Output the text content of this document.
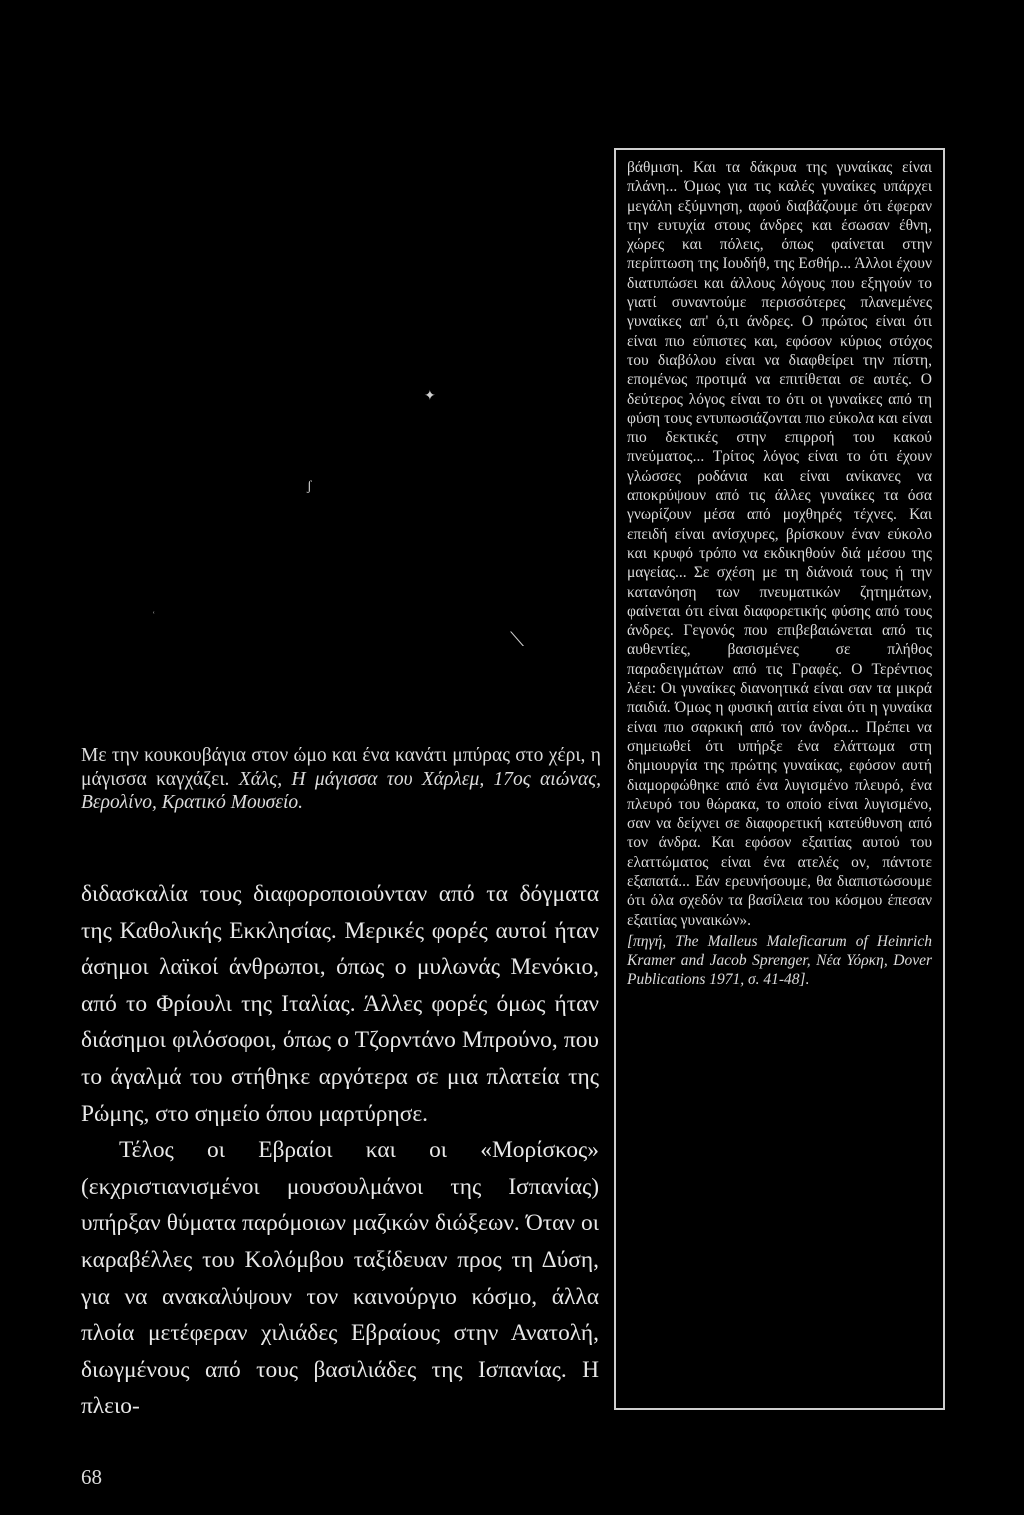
✦
ʃ
ʿ
⟍
Με την κουκουβάγια στον ώμο και ένα κανάτι μπύρας στο χέρι, η μάγισσα καγχάζει. Χάλς, Η μάγισσα του Χάρλεμ, 17ος αιώνας, Βερολίνο, Κρατικό Μουσείο.

διδασκαλία τους διαφοροποιούνταν από τα δόγματα της Καθολικής Εκκλησίας. Μερικές φορές αυτοί ήταν άσημοι λαϊκοί άνθρωποι, όπως ο μυλωνάς Μενόκιο, από το Φρίουλι της Ιταλίας. Άλλες φορές όμως ήταν διάσημοι φιλόσοφοι, όπως ο Τζορντάνο Μπρούνο, που το άγαλμά του στήθηκε αργότερα σε μια πλατεία της Ρώμης, στο σημείο όπου μαρτύρησε.

Τέλος οι Εβραίοι και οι «Μορίσκος» (εκχριστιανισμένοι μουσουλμάνοι της Ισπανίας) υπήρξαν θύματα παρόμοιων μαζικών διώξεων. Όταν οι καραβέλλες του Κολόμβου ταξίδευαν προς τη Δύση, για να ανακαλύψουν τον καινούργιο κόσμο, άλλα πλοία μετέφεραν χιλιάδες Εβραίους στην Ανατολή, διωγμένους από τους βασιλιάδες της Ισπανίας. Η πλειο-

βάθμιση. Και τα δάκρυα της γυναίκας είναι πλάνη... Όμως για τις καλές γυναίκες υπάρχει μεγάλη εξύμνηση, αφού διαβάζουμε ότι έφεραν την ευτυχία στους άνδρες και έσωσαν έθνη, χώρες και πόλεις, όπως φαίνεται στην περίπτωση της Ιουδήθ, της Εσθήρ... Άλλοι έχουν διατυπώσει και άλλους λόγους που εξηγούν το γιατί συναντούμε περισσότερες πλανεμένες γυναίκες απ' ό,τι άνδρες. Ο πρώτος είναι ότι είναι πιο εύπιστες και, εφόσον κύριος στόχος του διαβόλου είναι να διαφθείρει την πίστη, επομένως προτιμά να επιτίθεται σε αυτές. Ο δεύτερος λόγος είναι το ότι οι γυναίκες από τη φύση τους εντυπωσιάζονται πιο εύκολα και είναι πιο δεκτικές στην επιρροή του κακού πνεύματος... Τρίτος λόγος είναι το ότι έχουν γλώσσες ροδάνια και είναι ανίκανες να αποκρύψουν από τις άλλες γυναίκες τα όσα γνωρίζουν μέσα από μοχθηρές τέχνες. Και επειδή είναι ανίσχυρες, βρίσκουν έναν εύκολο και κρυφό τρόπο να εκδικηθούν διά μέσου της μαγείας... Σε σχέση με τη διάνοιά τους ή την κατανόηση των πνευματικών ζητημάτων, φαίνεται ότι είναι διαφορετικής φύσης από τους άνδρες. Γεγονός που επιβεβαιώνεται από τις αυθεντίες, βασισμένες σε πλήθος παραδειγμάτων από τις Γραφές. Ο Τερέντιος λέει: Οι γυναίκες διανοητικά είναι σαν τα μικρά παιδιά. Όμως η φυσική αιτία είναι ότι η γυναίκα είναι πιο σαρκική από τον άνδρα... Πρέπει να σημειωθεί ότι υπήρξε ένα ελάττωμα στη δημιουργία της πρώτης γυναίκας, εφόσον αυτή διαμορφώθηκε από ένα λυγισμένο πλευρό, ένα πλευρό του θώρακα, το οποίο είναι λυγισμένο, σαν να δείχνει σε διαφορετική κατεύθυνση από τον άνδρα. Και εφόσον εξαιτίας αυτού του ελαττώματος είναι ένα ατελές ον, πάντοτε εξαπατά... Εάν ερευνήσουμε, θα διαπιστώσουμε ότι όλα σχεδόν τα βασίλεια του κόσμου έπεσαν εξαιτίας γυναικών».

[πηγή, The Malleus Maleficarum of Heinrich Kramer and Jacob Sprenger, Νέα Υόρκη, Dover Publications 1971, σ. 41-48].

68
